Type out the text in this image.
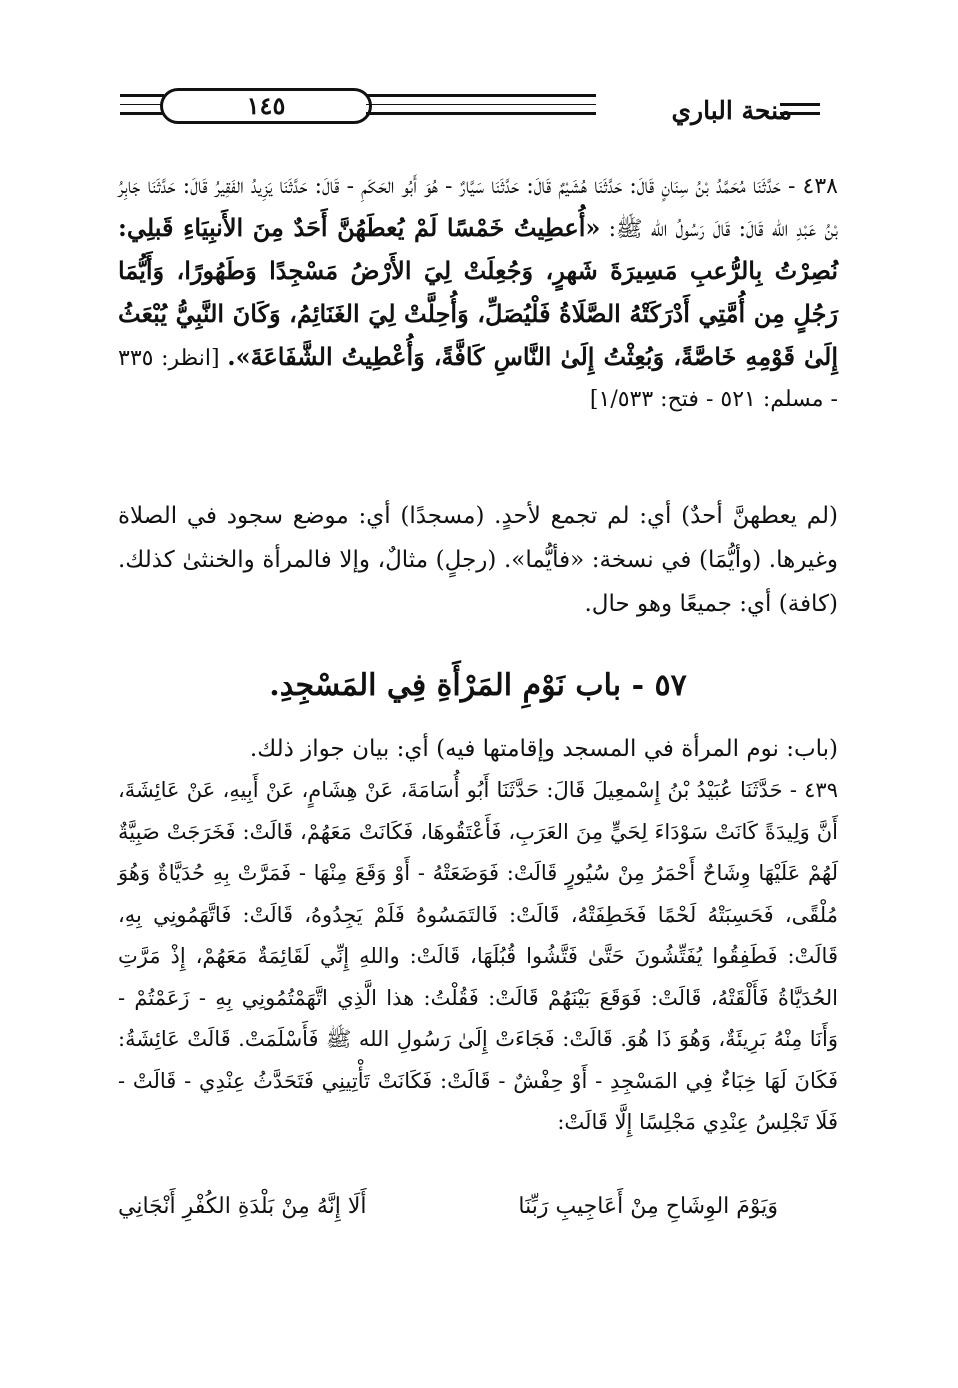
١٤٥	منحة الباري

٤٣٨ - حَدَّثَنَا مُحَمَّدُ بْنُ سِنَانٍ قَالَ: حَدَّثَنَا هُشَيْمٌ قَالَ: حَدَّثَنَا سَيَّارٌ - هُوَ أَبُو الحَكَمِ - قَالَ: حَدَّثَنَا يَزِيدُ الفَقِيرُ قَالَ: حَدَّثَنَا جَابِرُ بْنُ عَبْدِ الله قَالَ: قَالَ رَسُولُ الله ﷺ: «أُعطِيتُ خَمْسًا لَمْ يُعطَهُنَّ أَحَدٌ مِنَ الأَنبِيَاءِ قَبلِي: نُصِرْتُ بِالرُّعبِ مَسِيرَةَ شَهرٍ، وَجُعِلَتْ لِيَ الأَرْضُ مَسْجِدًا وَطَهُورًا، وَأَيُّمَا رَجُلٍ مِن أُمَّتِي أَدْرَكَتْهُ الصَّلَاةُ فَلْيُصَلِّ، وَأُحِلَّتْ لِيَ الغَنَائِمُ، وَكَانَ النَّبِيُّ يُبْعَثُ إِلَىٰ قَوْمِهِ خَاصَّةً، وَبُعِثْتُ إِلَىٰ النَّاسِ كَافَّةً، وَأُعْطِيتُ الشَّفَاعَةَ». [انظر: ٣٣٥ - مسلم: ٥٢١ - فتح: ١/٥٣٣]

(لم يعطهنَّ أحدٌ) أي: لم تجمع لأحدٍ. (مسجدًا) أي: موضع سجود في الصلاة وغيرها. (وأيُّمَا) في نسخة: «فأيُّما». (رجلٍ) مثالٌ، وإلا فالمرأة والخنثىٰ كذلك. (كافة) أي: جميعًا وهو حال.

٥٧ - باب نَوْمِ المَرْأَةِ فِي المَسْجِدِ.

(باب: نوم المرأة في المسجد وإقامتها فيه) أي: بيان جواز ذلك.

٤٣٩ - حَدَّثَنَا عُبَيْدُ بْنُ إِسْمعِيلَ قَالَ: حَدَّثَنَا أَبُو أُسَامَةَ، عَنْ هِشَامٍ، عَنْ أَبِيهِ، عَنْ عَائِشَةَ، أَنَّ وَلِيدَةً كَانَتْ سَوْدَاءَ لِحَيٍّ مِنَ العَرَبِ، فَأَعْتَقُوهَا، فَكَانَتْ مَعَهُمْ، قَالَتْ: فَخَرَجَتْ صَبِيَّةٌ لَهُمْ عَلَيْهَا وِشَاحٌ أَحْمَرُ مِنْ سُيُورٍ قَالَتْ: فَوَضَعَتْهُ - أَوْ وَقَعَ مِنْهَا - فَمَرَّتْ بِهِ حُدَيَّاةٌ وَهُوَ مُلْقًى، فَحَسِبَتْهُ لَحْمًا فَخَطِفَتْهُ، قَالَتْ: فَالتَمَسُوهُ فَلَمْ يَجِدُوهُ، قَالَتْ: فَاتَّهَمُونِي بِهِ، قَالَتْ: فَطَفِقُوا يُفَتِّشُونَ حَتَّىٰ فَتَّشُوا قُبُلَهَا، قَالَتْ: واللهِ إِنِّي لَقَائِمَةٌ مَعَهُمْ، إِذْ مَرَّتِ الحُدَيَّاةُ فَأَلْقَتْهُ، قَالَتْ: فَوَقَعَ بَيْنَهُمْ قَالَتْ: فَقُلْتُ: هذا الَّذِي اتَّهَمْتُمُونِي بِهِ - زَعَمْتُمْ - وَأَنَا مِنْهُ بَرِيئَةٌ، وَهُوَ ذَا هُوَ. قَالَتْ: فَجَاءَتْ إِلَىٰ رَسُولِ الله ﷺ فَأَسْلَمَتْ. قَالَتْ عَائِشَةُ: فَكَانَ لَهَا خِبَاءٌ فِي المَسْجِدِ - أَوْ حِفْشٌ - قَالَتْ: فَكَانَتْ تَأْتِينِي فَتَحَدَّثُ عِنْدِي - قَالَتْ - فَلَا تَجْلِسُ عِنْدِي مَجْلِسًا إِلَّا قَالَتْ:

وَيَوْمَ الوِشَاحِ مِنْ أَعَاجِيبِ رَبِّنَا
أَلَا إِنَّهُ مِنْ بَلْدَةِ الكُفْرِ أَنْجَانِي
